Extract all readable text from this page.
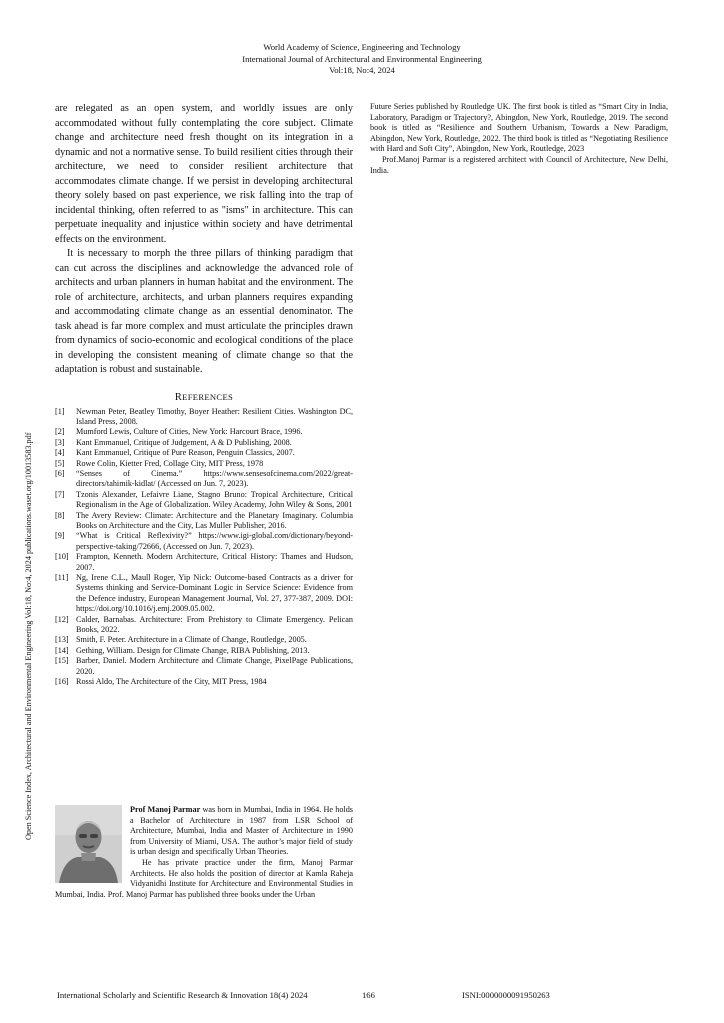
World Academy of Science, Engineering and Technology
International Journal of Architectural and Environmental Engineering
Vol:18, No:4, 2024
Open Science Index, Architectural and Environmental Engineering Vol:18, No:4, 2024 publications.waset.org/10013583.pdf

are relegated as an open system, and worldly issues are only accommodated without fully contemplating the core subject. Climate change and architecture need fresh thought on its integration in a dynamic and not a normative sense. To build resilient cities through their architecture, we need to consider resilient architecture that accommodates climate change. If we persist in developing architectural theory solely based on past experience, we risk falling into the trap of incidental thinking, often referred to as "isms" in architecture. This can perpetuate inequality and injustice within society and have detrimental effects on the environment.

It is necessary to morph the three pillars of thinking paradigm that can cut across the disciplines and acknowledge the advanced role of architects and urban planners in human habitat and the environment. The role of architecture, architects, and urban planners requires expanding and accommodating climate change as an essential denominator. The task ahead is far more complex and must articulate the principles drawn from dynamics of socio-economic and ecological conditions of the place in developing the consistent meaning of climate change so that the adaptation is robust and sustainable.

REFERENCES
[1]	Newman Peter, Beatley Timothy, Boyer Heather: Resilient Cities. Washington DC, Island Press, 2008.
[2]	Mumford Lewis, Culture of Cities, New York: Harcourt Brace, 1996.
[3]	Kant Emmanuel, Critique of Judgement, A & D Publishing, 2008.
[4]	Kant Emmanuel, Critique of Pure Reason, Penguin Classics, 2007.
[5]	Rowe Colin, Kietter Fred, Collage City, MIT Press, 1978
[6]	“Senses of Cinema.” https://www.sensesofcinema.com/2022/great-directors/tahimik-kidlat/ (Accessed on Jun. 7, 2023).
[7]	Tzonis Alexander, Lefaivre Liane, Stagno Bruno: Tropical Architecture, Critical Regionalism in the Age of Globalization. Wiley Academy, John Wiley & Sons, 2001
[8]	The Avery Review: Climate: Architecture and the Planetary Imaginary. Columbia Books on Architecture and the City, Las Muller Publisher, 2016.
[9]	“What is Critical Reflexivity?” https://www.igi-global.com/dictionary/beyond-perspective-taking/72666, (Accessed on Jun. 7, 2023).
[10] Frampton, Kenneth. Modern Architecture, Critical History: Thames and Hudson, 2007.
[11] Ng, Irene C.L., Maull Roger, Yip Nick: Outcome-based Contracts as a driver for Systems thinking and Service-Dominant Logic in Service Science: Evidence from the Defence industry, European Management Journal, Vol. 27, 377-387, 2009. DOI: https://doi.org/10.1016/j.emj.2009.05.002.
[12] Calder, Barnabas. Architecture: From Prehistory to Climate Emergency. Pelican Books, 2022.
[13] Smith, F. Peter. Architecture in a Climate of Change, Routledge, 2005.
[14] Gething, William. Design for Climate Change, RIBA Publishing, 2013.
[15] Barber, Daniel. Modern Architecture and Climate Change, PixelPage Publications, 2020.
[16] Rossi Aldo, The Architecture of the City, MIT Press, 1984

Prof Manoj Parmar was born in Mumbai, India in 1964. He holds a Bachelor of Architecture in 1987 from LSR School of Architecture, Mumbai, India and Master of Architecture in 1990 from University of Miami, USA. The author’s major field of study is urban design and specifically Urban Theories.

He has private practice under the firm, Manoj Parmar Architects. He also holds the position of director at Kamla Raheja Vidyanidhi Institute for Architecture and Environmental Studies in Mumbai, India. Prof. Manoj Parmar has published three books under the Urban

Future Series published by Routledge UK. The first book is titled as “Smart City in India, Laboratory, Paradigm or Trajectory?, Abingdon, New York, Routledge, 2019. The second book is titled as “Resilience and Southern Urbanism, Towards a New Paradigm, Abingdon, New York, Routledge, 2022. The third book is titled as “Negotiating Resilience with Hard and Soft City”, Abingdon, New York, Routledge, 2023

Prof.Manoj Parmar is a registered architect with Council of Architecture, New Delhi, India.

International Scholarly and Scientific Research & Innovation 18(4) 2024	166	ISNI:0000000091950263
